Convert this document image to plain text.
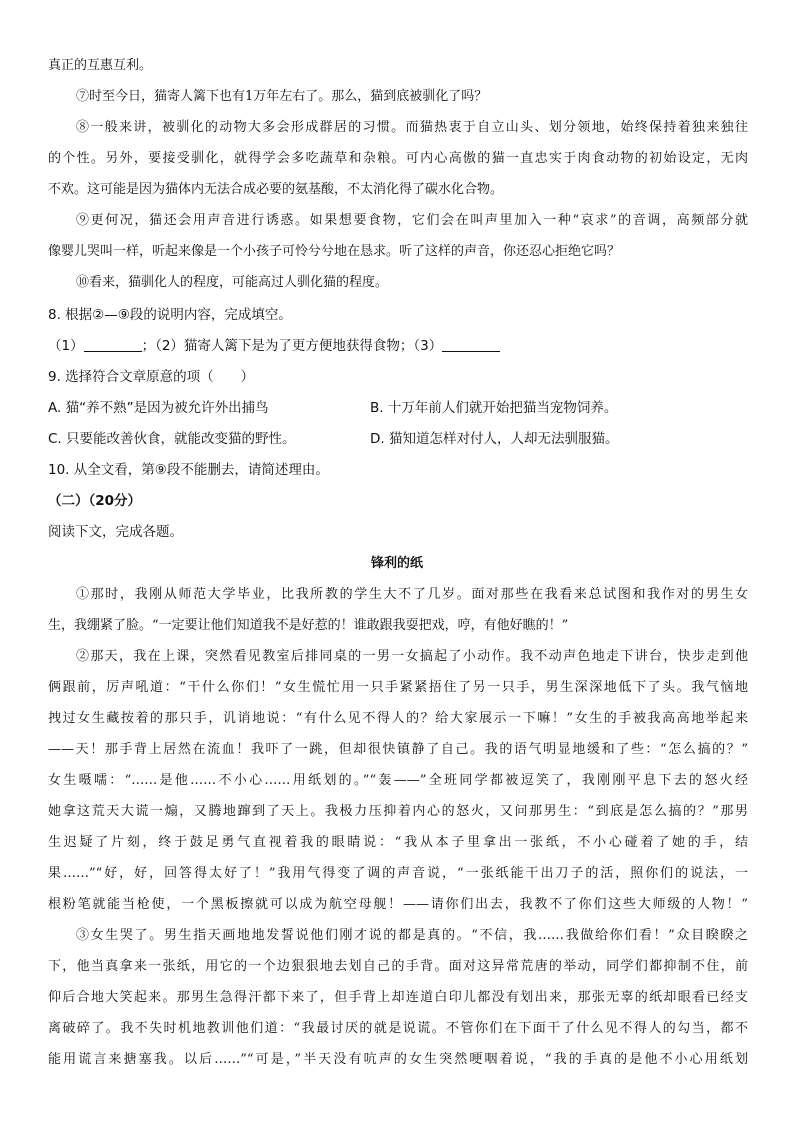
真正的互惠互利。
⑦时至今日，猫寄人篱下也有1万年左右了。那么，猫到底被驯化了吗？
⑧一般来讲，被驯化的动物大多会形成群居的习惯。而猫热衷于自立山头、划分领地，始终保持着独来独往
的个性。另外，要接受驯化，就得学会多吃蔬草和杂粮。可内心高傲的猫一直忠实于肉食动物的初始设定，无肉
不欢。这可能是因为猫体内无法合成必要的氨基酸，不太消化得了碳水化合物。
⑨更何况，猫还会用声音进行诱惑。如果想要食物，它们会在叫声里加入一种“哀求”的音调，高频部分就
像婴儿哭叫一样，听起来像是一个小孩子可怜兮兮地在恳求。听了这样的声音，你还忍心拒绝它吗？
⑩看来，猫驯化人的程度，可能高过人驯化猫的程度。
8. 根据②—⑨段的说明内容，完成填空。
（1）	；（2）猫寄人篱下是为了更方便地获得食物；（3）
9. 选择符合文章原意的项（　　）
A. 猫“养不熟”是因为被允许外出捕鸟	B. 十万年前人们就开始把猫当宠物饲养。
C. 只要能改善伙食，就能改变猫的野性。	D. 猫知道怎样对付人，人却无法驯服猫。
10. 从全文看，第⑨段不能删去，请简述理由。
（二）（20分）
阅读下文，完成各题。
锋利的纸
①那时，我刚从师范大学毕业，比我所教的学生大不了几岁。面对那些在我看来总试图和我作对的男生女
生，我绷紧了脸。“一定要让他们知道我不是好惹的！谁敢跟我耍把戏，哼，有他好瞧的！”
②那天，我在上课，突然看见教室后排同桌的一男一女搞起了小动作。我不动声色地走下讲台，快步走到他
俩跟前，厉声吼道：“干什么你们！”女生慌忙用一只手紧紧捂住了另一只手，男生深深地低下了头。我气恼地
拽过女生藏按着的那只手，讥诮地说：“有什么见不得人的？给大家展示一下嘛！”女生的手被我高高地举起来
——天！那手背上居然在流血！我吓了一跳，但却很快镇静了自己。我的语气明显地缓和了些：“怎么搞的？”
女生嗫嚅：“……是他……不小心……用纸划的。”“轰——”全班同学都被逗笑了，我刚刚平息下去的怒火经
她拿这荒天大谎一煽，又腾地蹿到了天上。我极力压抑着内心的怒火，又问那男生：“到底是怎么搞的？”那男
生迟疑了片刻，终于鼓足勇气直视着我的眼睛说：“我从本子里拿出一张纸，不小心碰着了她的手，结
果……”“好，好，回答得太好了！”我用气得变了调的声音说，“一张纸能干出刀子的活，照你们的说法，一
根粉笔就能当枪使，一个黑板擦就可以成为航空母舰！——请你们出去，我教不了你们这些大师级的人物！”
③女生哭了。男生指天画地地发誓说他们刚才说的都是真的。“不信，我……我做给你们看！”众目睽睽之
下，他当真拿来一张纸，用它的一个边狠狠地去划自己的手背。面对这异常荒唐的举动，同学们都抑制不住，前
仰后合地大笑起来。那男生急得汗都下来了，但手背上却连道白印儿都没有划出来，那张无辜的纸却眼看已经支
离破碎了。我不失时机地教训他们道：“我最讨厌的就是说谎。不管你们在下面干了什么见不得人的勾当，都不
能用谎言来搪塞我。以后……”“可是，”半天没有吭声的女生突然哽咽着说，“我的手真的是他不小心用纸划
